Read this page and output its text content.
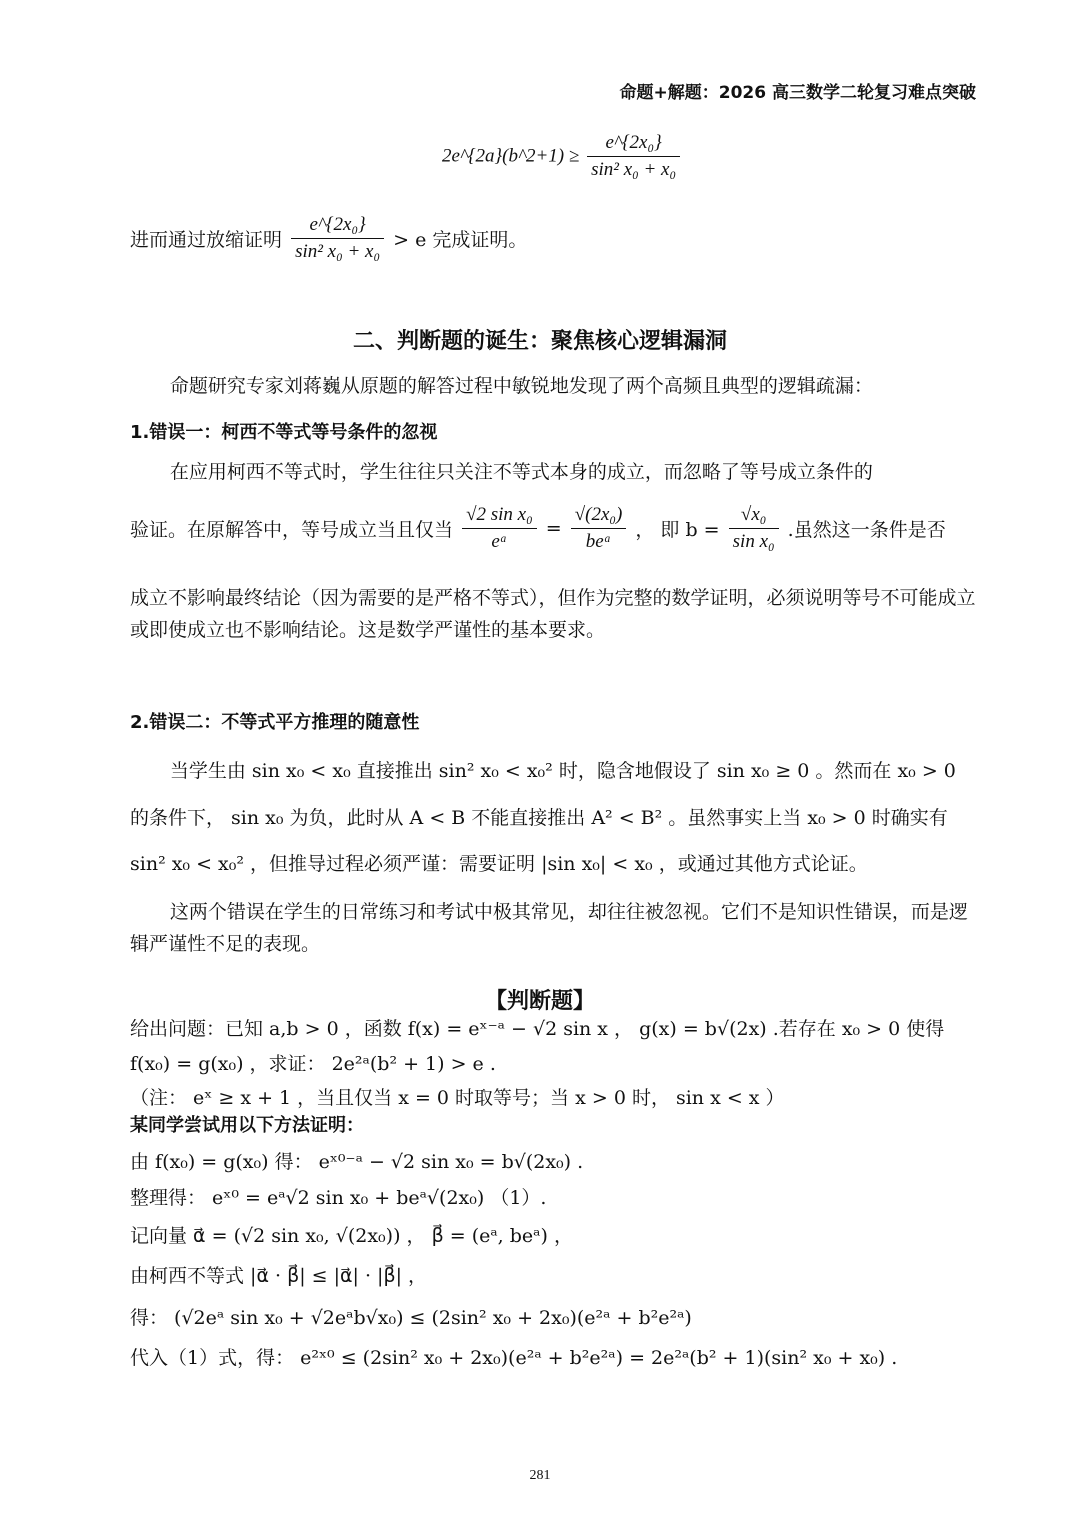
命题+解题：2026 高三数学二轮复习难点突破
2e^{2a}(b^2+1) ≥ $\frac{\text{e\textasciicircum{}\{2x₀\}}}{\text{sin² x₀ + x₀}}$
进而通过放缩证明 $\frac{\text{e\textasciicircum{}\{2x₀\}}}{\text{sin² x₀ + x₀}} > e$ 完成证明。
二、判断题的诞生：聚焦核心逻辑漏洞
命题研究专家刘蒋巍从原题的解答过程中敏锐地发现了两个高频且典型的逻辑疏漏：
1.错误一：柯西不等式等号条件的忽视
在应用柯西不等式时，学生往往只关注不等式本身的成立，而忽略了等号成立条件的
验证。在原解答中，等号成立当且仅当 $\frac{\text{√2 sin x₀}}{\text{eᵃ}} = \frac{\text{√(2x₀)}}{\text{beᵃ}}$ ， 即 $b = \frac{\text{√x₀}}{\text{sin x₀}}$ .虽然这一条件是否
成立不影响最终结论（因为需要的是严格不等式），但作为完整的数学证明，必须说明等号不可能成立或即使成立也不影响结论。这是数学严谨性的基本要求。
2.错误二：不等式平方推理的随意性
当学生由 sin x₀ < x₀ 直接推出 sin² x₀ < x₀² 时，隐含地假设了 sin x₀ ≥ 0 。然而在 x₀ > 0 的条件下， sin x₀ 为负，此时从 A < B 不能直接推出 A² < B² 。虽然事实上当 x₀ > 0 时确实有 sin² x₀ < x₀² ，但推导过程必须严谨：需要证明 |sin x₀| < x₀ ，或通过其他方式论证。
这两个错误在学生的日常练习和考试中极其常见，却往往被忽视。它们不是知识性错误，而是逻辑严谨性不足的表现。
【判断题】
给出问题：已知 a,b > 0 ，函数 f(x) = eˣ⁻ᵃ − √2 sin x ， g(x) = b√(2x) .若存在 x₀ > 0 使得
f(x₀) = g(x₀) ，求证： 2e²ᵃ(b² + 1) > e .
（注： eˣ ≥ x + 1 ，当且仅当 x = 0 时取等号；当 x > 0 时， sin x < x ）
某同学尝试用以下方法证明：
由 f(x₀) = g(x₀) 得： eˣ⁰⁻ᵃ − √2 sin x₀ = b√(2x₀) .
整理得： eˣ⁰ = eᵃ√2 sin x₀ + beᵃ√(2x₀) （1）.
记向量 α⃗ = (√2 sin x₀, √(2x₀)) ， β⃗ = (eᵃ, beᵃ) ，
由柯西不等式 |α⃗ · β⃗| ≤ |α⃗| · |β⃗| ，
得： (√2eᵃ sin x₀ + √2eᵃb√x₀) ≤ (2sin² x₀ + 2x₀)(e²ᵃ + b²e²ᵃ)
代入（1）式，得： e²ˣ⁰ ≤ (2sin² x₀ + 2x₀)(e²ᵃ + b²e²ᵃ) = 2e²ᵃ(b² + 1)(sin² x₀ + x₀) .
281
